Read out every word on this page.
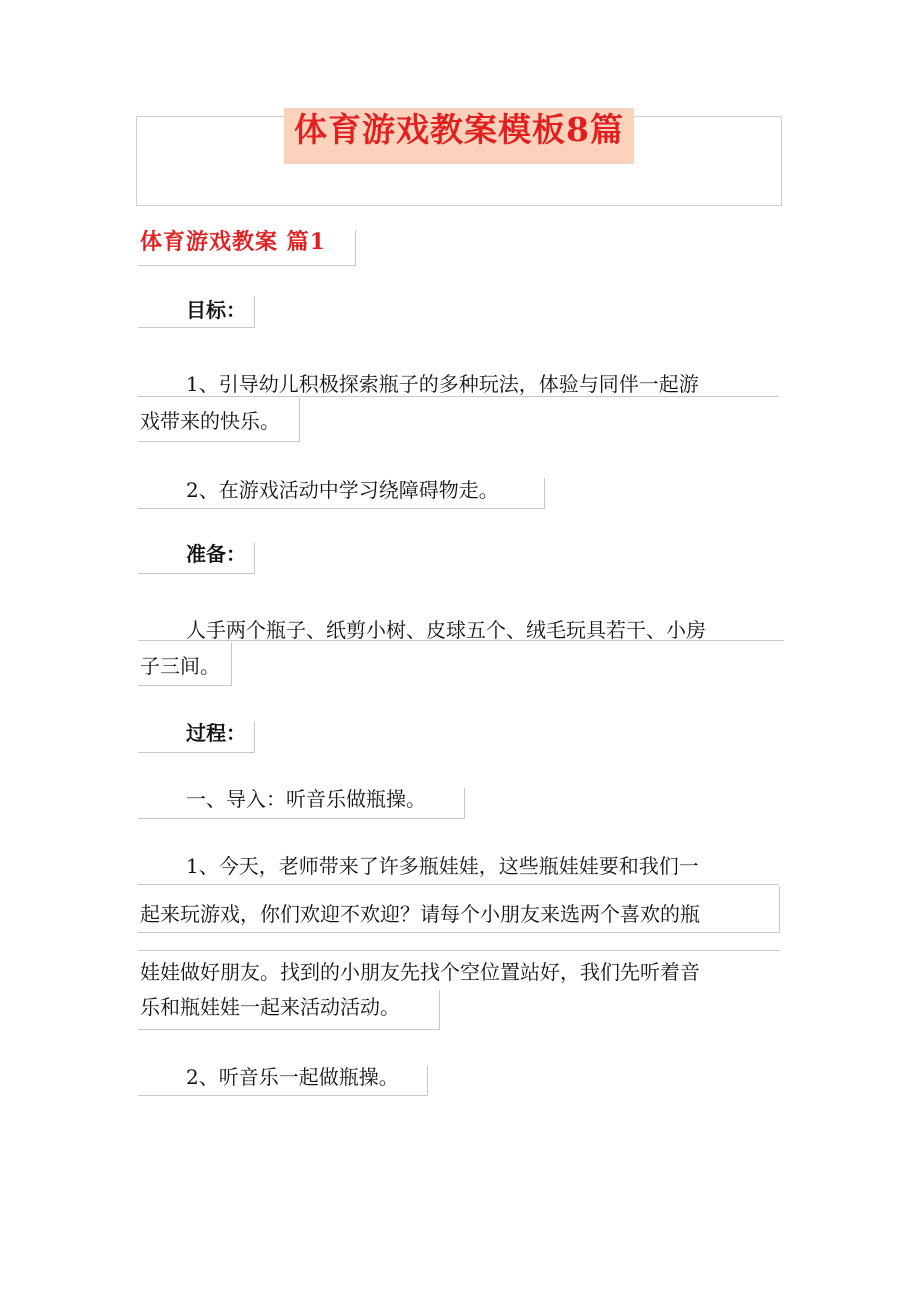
体育游戏教案模板8篇
体育游戏教案 篇1
目标：
1、引导幼儿积极探索瓶子的多种玩法，体验与同伴一起游
戏带来的快乐。
2、在游戏活动中学习绕障碍物走。
准备：
人手两个瓶子、纸剪小树、皮球五个、绒毛玩具若干、小房
子三间。
过程：
一、导入：听音乐做瓶操。
1、今天，老师带来了许多瓶娃娃，这些瓶娃娃要和我们一
起来玩游戏，你们欢迎不欢迎？请每个小朋友来选两个喜欢的瓶
娃娃做好朋友。找到的小朋友先找个空位置站好，我们先听着音
乐和瓶娃娃一起来活动活动。
2、听音乐一起做瓶操。
